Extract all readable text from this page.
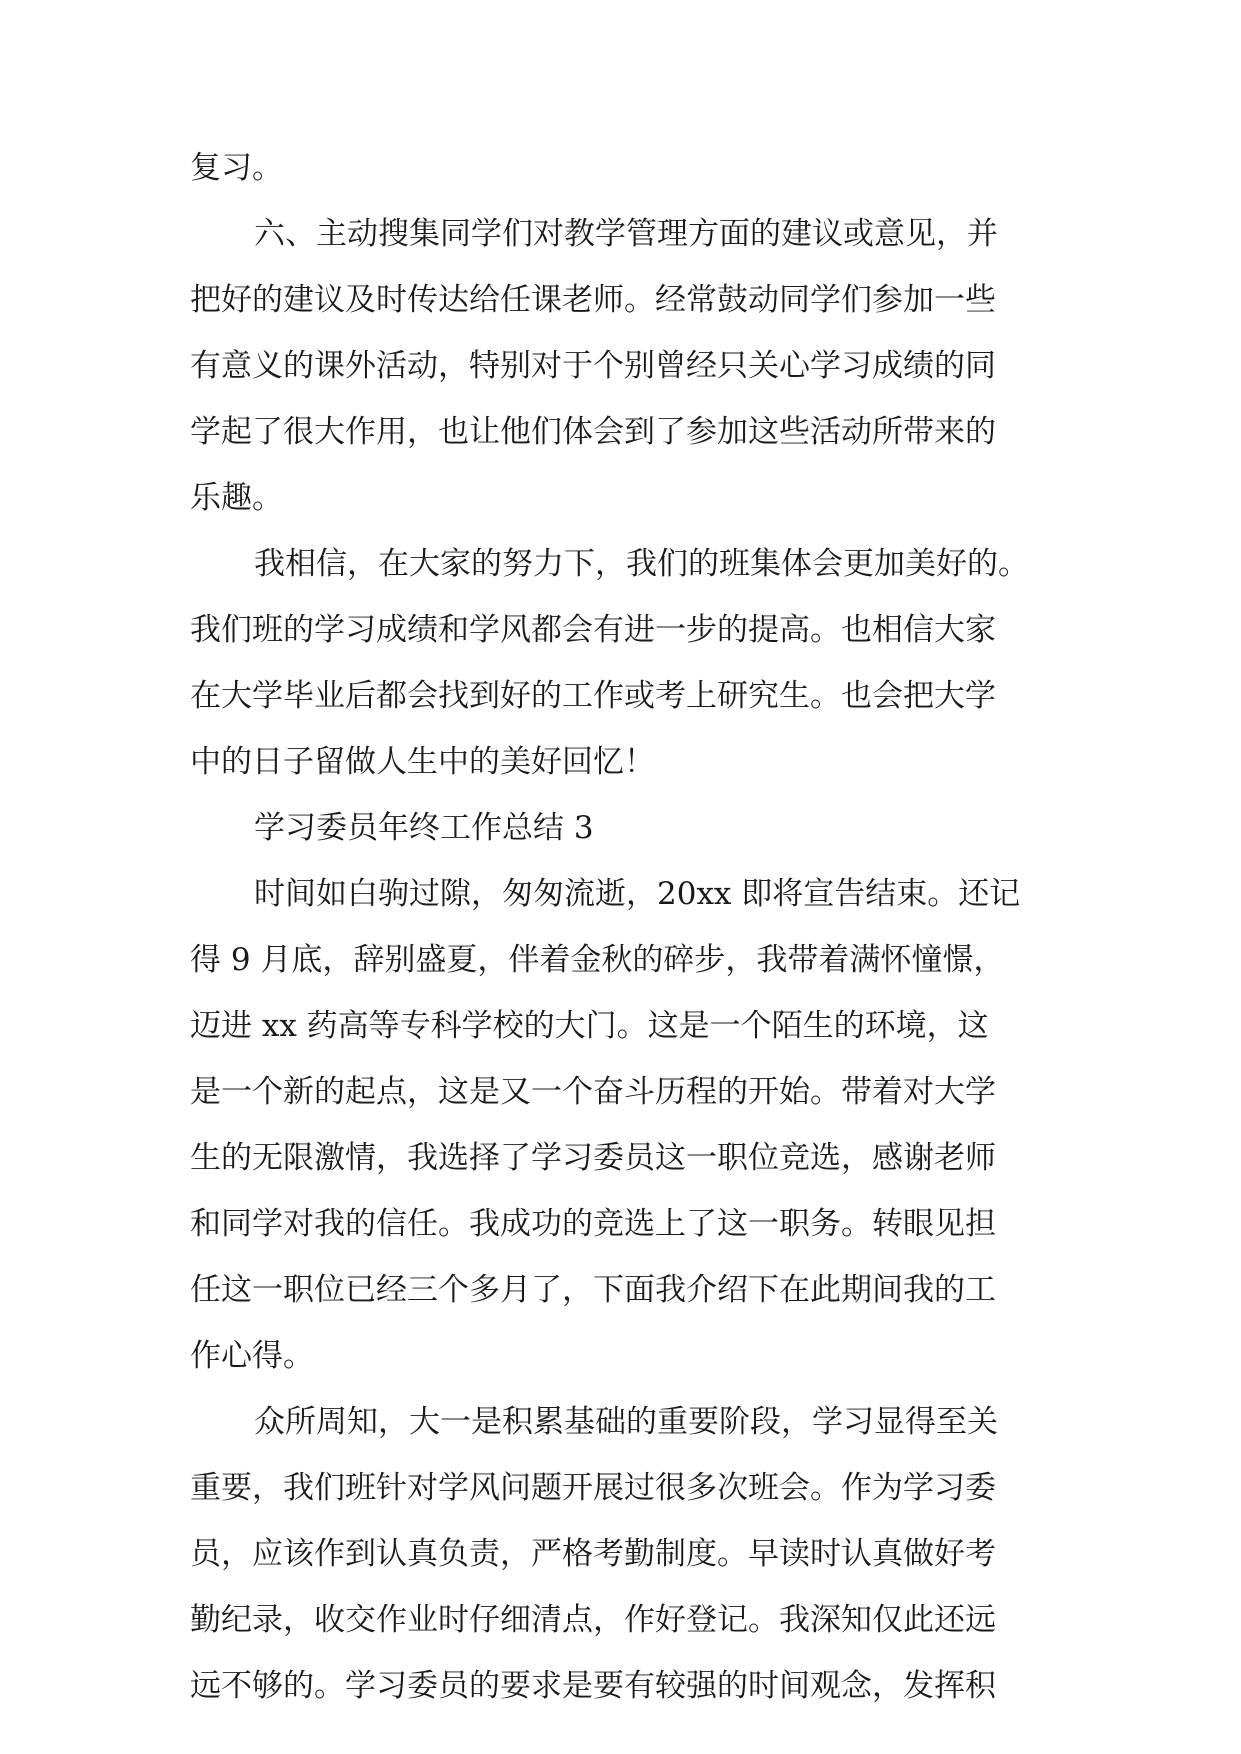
复习。

六、主动搜集同学们对教学管理方面的建议或意见，并

把好的建议及时传达给任课老师。经常鼓动同学们参加一些

有意义的课外活动，特别对于个别曾经只关心学习成绩的同

学起了很大作用，也让他们体会到了参加这些活动所带来的

乐趣。

我相信，在大家的努力下，我们的班集体会更加美好的。

我们班的学习成绩和学风都会有进一步的提高。也相信大家

在大学毕业后都会找到好的工作或考上研究生。也会把大学

中的日子留做人生中的美好回忆！

学习委员年终工作总结 3

时间如白驹过隙，匆匆流逝，20xx 即将宣告结束。还记

得 9 月底，辞别盛夏，伴着金秋的碎步，我带着满怀憧憬，

迈进 xx 药高等专科学校的大门。这是一个陌生的环境，这

是一个新的起点，这是又一个奋斗历程的开始。带着对大学

生的无限激情，我选择了学习委员这一职位竞选，感谢老师

和同学对我的信任。我成功的竞选上了这一职务。转眼见担

任这一职位已经三个多月了，下面我介绍下在此期间我的工

作心得。

众所周知，大一是积累基础的重要阶段，学习显得至关

重要，我们班针对学风问题开展过很多次班会。作为学习委

员，应该作到认真负责，严格考勤制度。早读时认真做好考

勤纪录，收交作业时仔细清点，作好登记。我深知仅此还远

远不够的。学习委员的要求是要有较强的时间观念，发挥积
